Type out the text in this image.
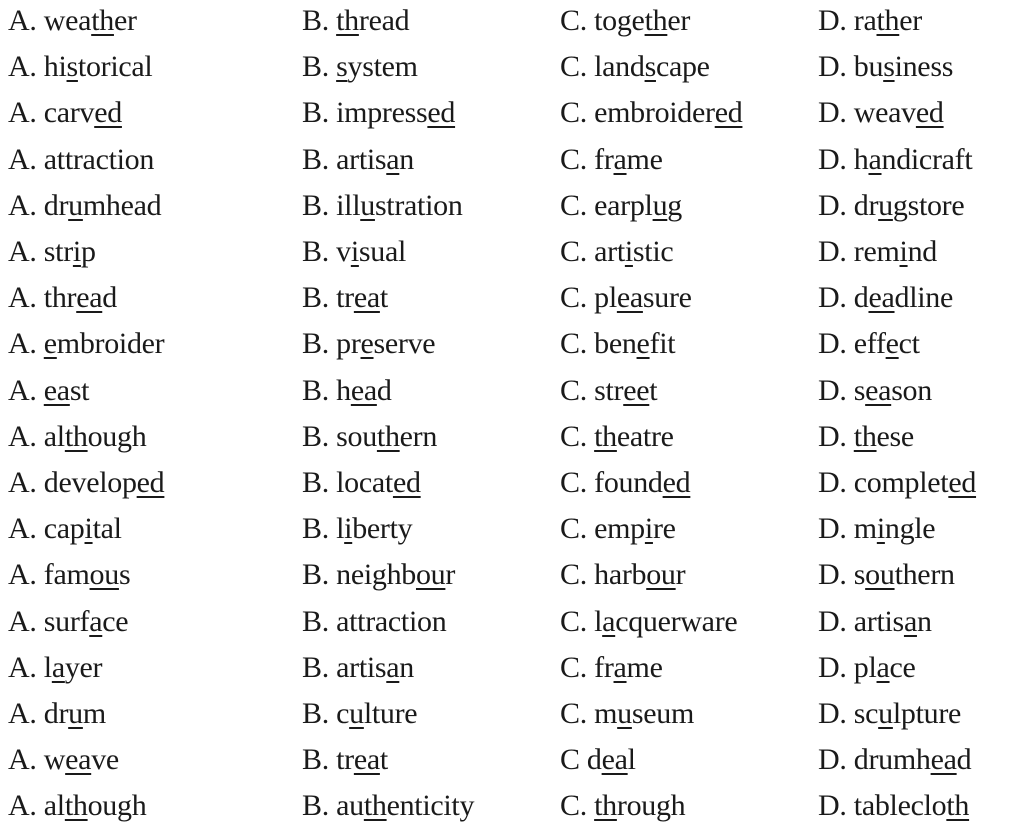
A. weather	B. thread	C. together	D. rather
A. historical	B. system	C. landscape	D. business
A. carved	B. impressed	C. embroidered	D. weaved
A. attraction	B. artisan	C. frame	D. handicraft
A. drumhead	B. illustration	C. earplug	D. drugstore
A. strip	B. visual	C. artistic	D. remind
A. thread	B. treat	C. pleasure	D. deadline
A. embroider	B. preserve	C. benefit	D. effect
A. east	B. head	C. street	D. season
A. although	B. southern	C. theatre	D. these
A. developed	B. located	C. founded	D. completed
A. capital	B. liberty	C. empire	D. mingle
A. famous	B. neighbour	C. harbour	D. southern
A. surface	B. attraction	C. lacquerware	D. artisan
A. layer	B. artisan	C. frame	D. place
A. drum	B. culture	C. museum	D. sculpture
A. weave	B. treat	C deal	D. drumhead
A. although	B. authenticity	C. through	D. tablecloth
